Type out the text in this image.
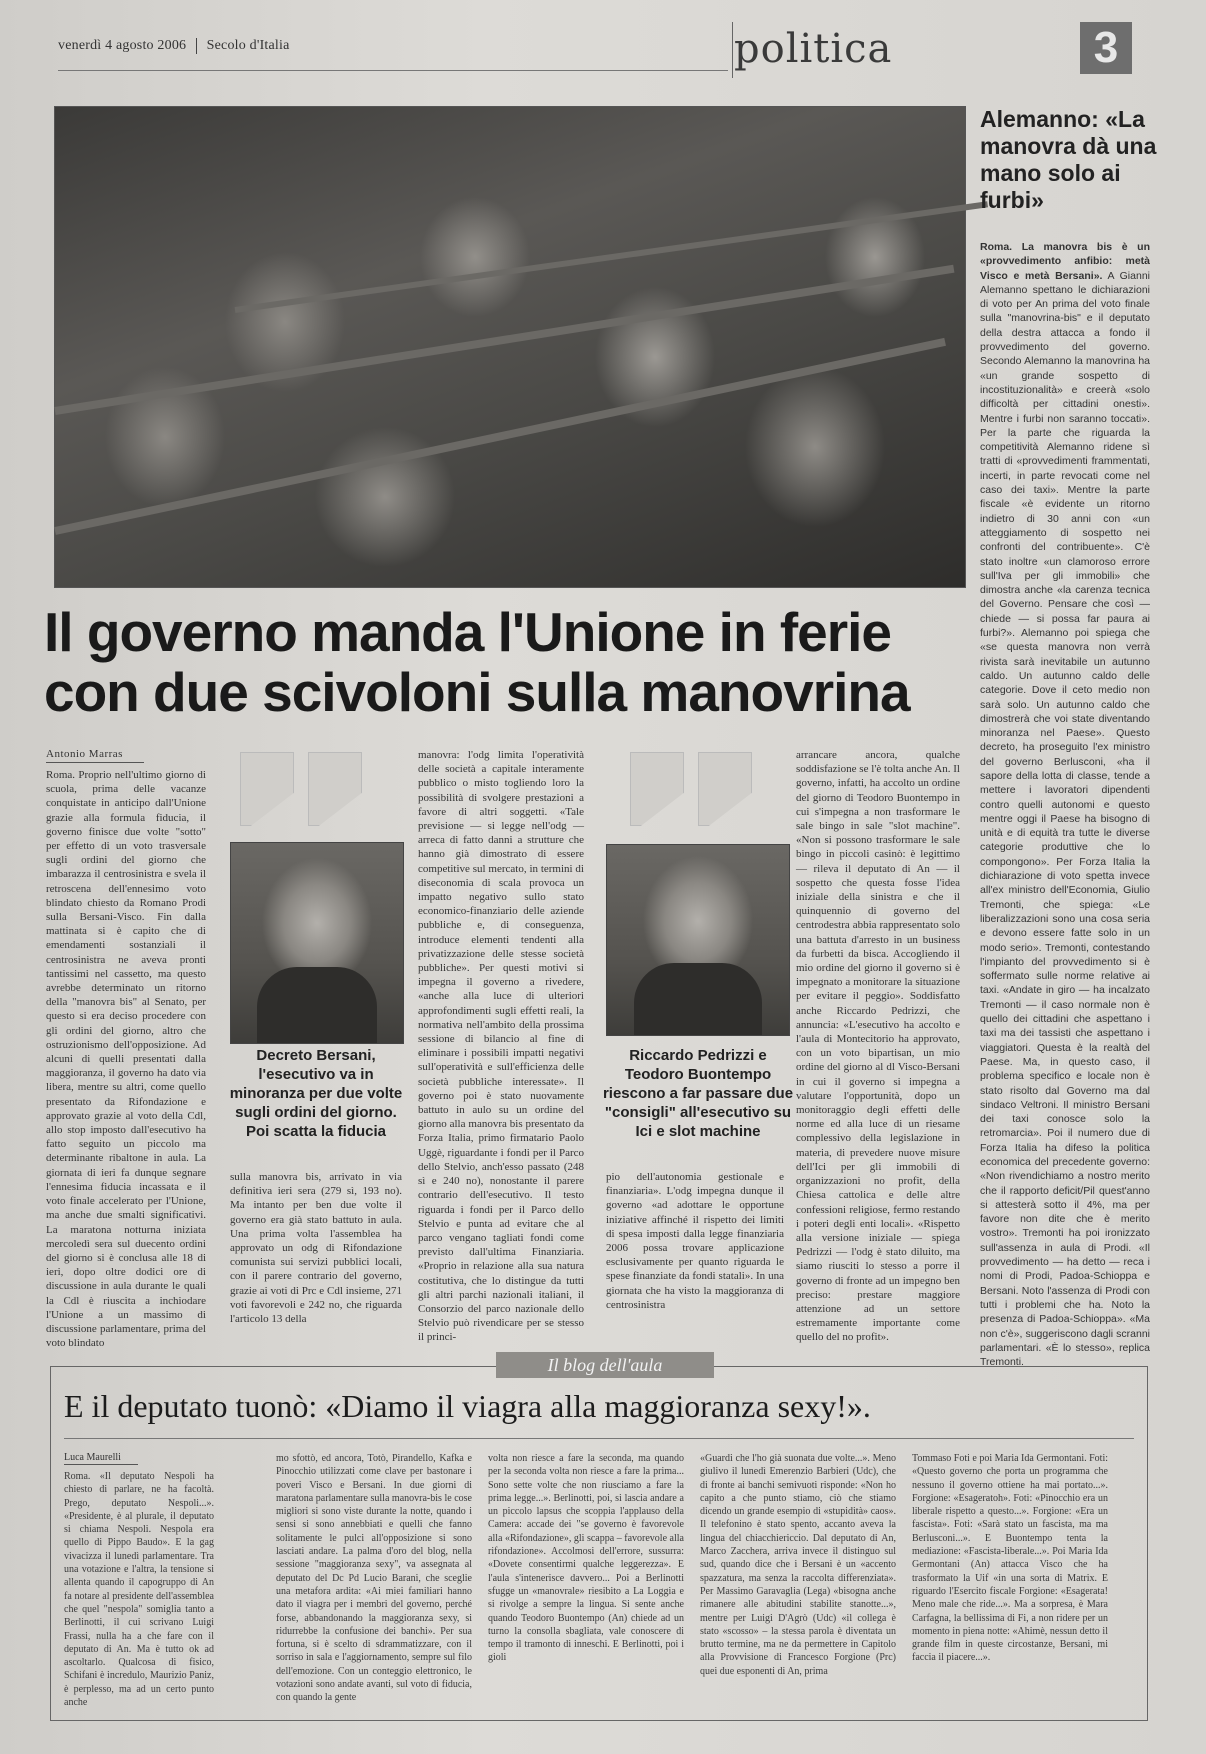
venerdì 4 agosto 2006 Secolo d'Italia	politica	3
Alemanno: «La manovra dà una mano solo ai furbi»
Roma. La manovra bis è un «provvedimento anfibio: metà Visco e metà Bersani». A Gianni Alemanno spettano le dichiarazioni di voto per An prima del voto finale sulla "manovrina-bis" e il deputato della destra attacca a fondo il provvedimento del governo. Secondo Alemanno la manovrina ha «un grande sospetto di incostituzionalità» e creerà «solo difficoltà per cittadini onesti». Mentre i furbi non saranno toccati». Per la parte che riguarda la competitività Alemanno ridene sì tratti di «provvedimenti frammentati, incerti, in parte revocati come nel caso dei taxi». Mentre la parte fiscale «è evidente un ritorno indietro di 30 anni con «un atteggiamento di sospetto nei confronti del contribuente». C'è stato inoltre «un clamoroso errore sull'Iva per gli immobili» che dimostra anche «la carenza tecnica del Governo. Pensare che così — chiede — si possa far paura ai furbi?». Alemanno poi spiega che «se questa manovra non verrà rivista sarà inevitabile un autunno caldo. Un autunno caldo delle categorie. Dove il ceto medio non sarà solo. Un autunno caldo che dimostrerà che voi state diventando minoranza nel Paese». Questo decreto, ha proseguito l'ex ministro del governo Berlusconi, «ha il sapore della lotta di classe, tende a mettere i lavoratori dipendenti contro quelli autonomi e questo mentre oggi il Paese ha bisogno di unità e di equità tra tutte le diverse categorie produttive che lo compongono». Per Forza Italia la dichiarazione di voto spetta invece all'ex ministro dell'Economia, Giulio Tremonti, che spiega: «Le liberalizzazioni sono una cosa seria e devono essere fatte solo in un modo serio». Tremonti, contestando l'impianto del provvedimento si è soffermato sulle norme relative ai taxi. «Andate in giro — ha incalzato Tremonti — il caso normale non è quello dei cittadini che aspettano i taxi ma dei tassisti che aspettano i viaggiatori. Questa è la realtà del Paese. Ma, in questo caso, il problema specifico e locale non è stato risolto dal Governo ma dal sindaco Veltroni. Il ministro Bersani dei taxi conosce solo la retromarcia». Poi il numero due di Forza Italia ha difeso la politica economica del precedente governo: «Non rivendichiamo a nostro merito che il rapporto deficit/Pil quest'anno si attesterà sotto il 4%, ma per favore non dite che è merito vostro». Tremonti ha poi ironizzato sull'assenza in aula di Prodi. «Il provvedimento — ha detto — reca i nomi di Prodi, Padoa-Schioppa e Bersani. Noto l'assenza di Prodi con tutti i problemi che ha. Noto la presenza di Padoa-Schioppa». «Ma non c'è», suggeriscono dagli scranni parlamentari. «È lo stesso», replica Tremonti.
Il governo manda l'Unione in ferie con due scivoloni sulla manovrina
Antonio Marras
Roma. Proprio nell'ultimo giorno di scuola, prima delle vacanze conquistate in anticipo dall'Unione grazie alla formula fiducia, il governo finisce due volte "sotto" per effetto di un voto trasversale sugli ordini del giorno che imbarazza il centrosinistra e svela il retroscena dell'ennesimo voto blindato chiesto da Romano Prodi sulla Bersani-Visco. Fin dalla mattinata si è capito che di emendamenti sostanziali il centrosinistra ne aveva pronti tantissimi nel cassetto, ma questo avrebbe determinato un ritorno della "manovra bis" al Senato, per questo si era deciso procedere con gli ordini del giorno, altro che ostruzionismo dell'opposizione. Ad alcuni di quelli presentati dalla maggioranza, il governo ha dato via libera, mentre su altri, come quello presentato da Rifondazione e approvato grazie al voto della Cdl, allo stop imposto dall'esecutivo ha fatto seguito un piccolo ma determinante ribaltone in aula. La giornata di ieri fa dunque segnare l'ennesima fiducia incassata e il voto finale accelerato per l'Unione, ma anche due smalti significativi. La maratona notturna iniziata mercoledì sera sul duecento ordini del giorno si è conclusa alle 18 di ieri, dopo oltre dodici ore di discussione in aula durante le quali la Cdl è riuscita a inchiodare l'Unione a un massimo di discussione parlamentare, prima del voto blindato
Decreto Bersani, l'esecutivo va in minoranza per due volte sugli ordini del giorno. Poi scatta la fiducia
sulla manovra bis, arrivato in via definitiva ieri sera (279 sì, 193 no). Ma intanto per ben due volte il governo era già stato battuto in aula. Una prima volta l'assemblea ha approvato un odg di Rifondazione comunista sui servizi pubblici locali, con il parere contrario del governo, grazie ai voti di Prc e Cdl insieme, 271 voti favorevoli e 242 no, che riguarda l'articolo 13 della
manovra: l'odg limita l'operatività delle società a capitale interamente pubblico o misto togliendo loro la possibilità di svolgere prestazioni a favore di altri soggetti. «Tale previsione — si legge nell'odg — arreca di fatto danni a strutture che hanno già dimostrato di essere competitive sul mercato, in termini di diseconomia di scala provoca un impatto negativo sullo stato economico-finanziario delle aziende pubbliche e, di conseguenza, introduce elementi tendenti alla privatizzazione delle stesse società pubbliche». Per questi motivi si impegna il governo a rivedere, «anche alla luce di ulteriori approfondimenti sugli effetti reali, la normativa nell'ambito della prossima sessione di bilancio al fine di eliminare i possibili impatti negativi sull'operatività e sull'efficienza delle società pubbliche interessate». Il governo poi è stato nuovamente battuto in aulo su un ordine del giorno alla manovra bis presentato da Forza Italia, primo firmatario Paolo Uggè, riguardante i fondi per il Parco dello Stelvio, anch'esso passato (248 sì e 240 no), nonostante il parere contrario dell'esecutivo. Il testo riguarda i fondi per il Parco dello Stelvio e punta ad evitare che al parco vengano tagliati fondi come previsto dall'ultima Finanziaria. «Proprio in relazione alla sua natura costitutiva, che lo distingue da tutti gli altri parchi nazionali italiani, il Consorzio del parco nazionale dello Stelvio può rivendicare per se stesso il princi-
Riccardo Pedrizzi e Teodoro Buontempo riescono a far passare due "consigli" all'esecutivo su Ici e slot machine
pio dell'autonomia gestionale e finanziaria». L'odg impegna dunque il governo «ad adottare le opportune iniziative affinché il rispetto dei limiti di spesa imposti dalla legge finanziaria 2006 possa trovare applicazione esclusivamente per quanto riguarda le spese finanziate da fondi statali». In una giornata che ha visto la maggioranza di centrosinistra
arrancare ancora, qualche soddisfazione se l'è tolta anche An. Il governo, infatti, ha accolto un ordine del giorno di Teodoro Buontempo in cui s'impegna a non trasformare le sale bingo in sale "slot machine". «Non si possono trasformare le sale bingo in piccoli casinò: è legittimo — rileva il deputato di An — il sospetto che questa fosse l'idea iniziale della sinistra e che il quinquennio di governo del centrodestra abbia rappresentato solo una battuta d'arresto in un business da furbetti da bisca. Accogliendo il mio ordine del giorno il governo si è impegnato a monitorare la situazione per evitare il peggio». Soddisfatto anche Riccardo Pedrizzi, che annuncia: «L'esecutivo ha accolto e l'aula di Montecitorio ha approvato, con un voto bipartisan, un mio ordine del giorno al dl Visco-Bersani in cui il governo si impegna a valutare l'opportunità, dopo un monitoraggio degli effetti delle norme ed alla luce di un riesame complessivo della legislazione in materia, di prevedere nuove misure dell'Ici per gli immobili di organizzazioni no profit, della Chiesa cattolica e delle altre confessioni religiose, fermo restando i poteri degli enti locali». «Rispetto alla versione iniziale — spiega Pedrizzi — l'odg è stato diluito, ma siamo riusciti lo stesso a porre il governo di fronte ad un impegno ben preciso: prestare maggiore attenzione ad un settore estremamente importante come quello del no profit».
Il blog dell'aula
E il deputato tuonò: «Diamo il viagra alla maggioranza sexy!».
Luca Maurelli
Roma. «Il deputato Nespoli ha chiesto di parlare, ne ha facoltà. Prego, deputato Nespoli...». «Presidente, è al plurale, il deputato si chiama Nespoli. Nespola era quello di Pippo Baudo». E la gag vivacizza il lunedì parlamentare. Tra una votazione e l'altra, la tensione si allenta quando il capogruppo di An fa notare al presidente dell'assemblea che quel "nespola" somiglia tanto a Berlinotti, il cui scrivano Luigi Frassi, nulla ha a che fare con il deputato di An. Ma è tutto ok ad ascoltarlo. Qualcosa di fisico, Schifani è incredulo, Maurizio Paniz, è perplesso, ma ad un certo punto anche
mo sfottò, ed ancora, Totò, Pirandello, Kafka e Pinocchio utilizzati come clave per bastonare i poveri Visco e Bersani. In due giorni di maratona parlamentare sulla manovra-bis le cose migliori si sono viste durante la notte, quando i sensi si sono annebbiati e quelli che fanno solitamente le pulci all'opposizione si sono lasciati andare. La palma d'oro del blog, nella sessione "maggioranza sexy", va assegnata al deputato del Dc Pd Lucio Barani, che sceglie una metafora ardita: «Ai miei familiari hanno dato il viagra per i membri del governo, perché forse, abbandonando la maggioranza sexy, si ridurrebbe la confusione dei banchi». Per sua fortuna, si è scelto di sdrammatizzare, con il sorriso in sala e l'aggiornamento, sempre sul filo dell'emozione. Con un conteggio elettronico, le votazioni sono andate avanti, sul voto di fiducia, con quando la gente
volta non riesce a fare la seconda, ma quando per la seconda volta non riesce a fare la prima... Sono sette volte che non riusciamo a fare la prima legge...». Berlinotti, poi, si lascia andare a un piccolo lapsus che scoppia l'applauso della Camera: accade dei "se governo è favorevole alla «Rifondazione», gli scappa – favorevole alla rifondazione». Accolmosi dell'errore, sussurra: «Dovete consentirmi qualche leggerezza». E l'aula s'intenerisce davvero... Poi a Berlinotti sfugge un «manovrale» riesibito a La Loggia e si rivolge a sempre la lingua. Si sente anche quando Teodoro Buontempo (An) chiede ad un turno la consolla sbagliata, vale conoscere di tempo il tramonto di inneschi. E Berlinotti, poi i gioli
«Guardi che l'ho già suonata due volte...». Meno giulivo il lunedì Emerenzio Barbieri (Udc), che di fronte ai banchi semivuoti risponde: «Non ho capito a che punto stiamo, ciò che stiamo dicendo un grande esempio di «stupidità» caos». Il telefonino è stato spento, accanto aveva la lingua del chiacchiericcio. Dal deputato di An, Marco Zacchera, arriva invece il distinguo sul sud, quando dice che i Bersani è un «accento spazzatura, ma senza la raccolta differenziata». Per Massimo Garavaglia (Lega) «bisogna anche rimanere alle abitudini stabilite stanotte...», mentre per Luigi D'Agrò (Udc) «il collega è stato «scosso» – la stessa parola è diventata un brutto termine, ma ne da permettere in Capitolo alla Provvisione di Francesco Forgione (Prc) quei due esponenti di An, prima
Tommaso Foti e poi Maria Ida Germontani. Foti: «Questo governo che porta un programma che nessuno il governo ottiene ha mai portato...». Forgione: «Esageratoh». Foti: «Pinocchio era un liberale rispetto a questo...». Forgione: «Era un fascista». Foti: «Sarà stato un fascista, ma ma Berlusconi...». E Buontempo tenta la mediazione: «Fascista-liberale...». Poi Maria Ida Germontani (An) attacca Visco che ha trasformato la Uif «in una sorta di Matrix. E riguardo l'Esercito fiscale Forgione: «Esagerata! Meno male che ride...». Ma a sorpresa, è Mara Carfagna, la bellissima di Fi, a non ridere per un momento in piena notte: «Ahimè, nessun detto il grande film in queste circostanze, Bersani, mi faccia il piacere...».
